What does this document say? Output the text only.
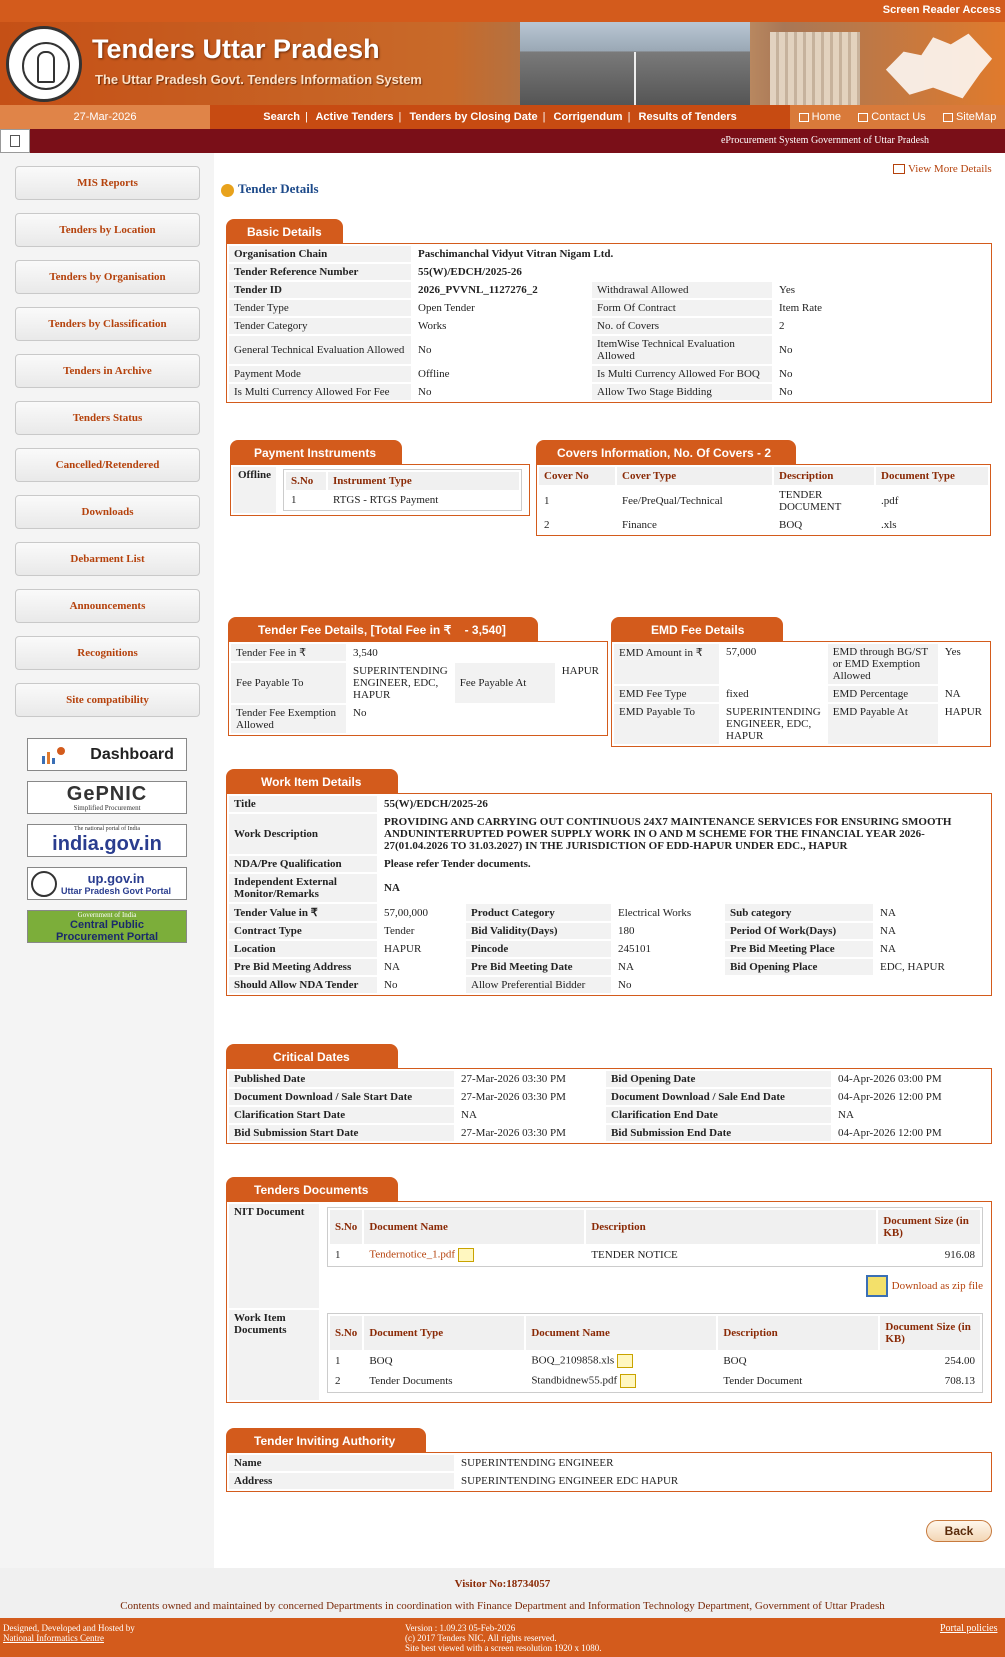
Screen Reader Access
Tenders Uttar Pradesh
The Uttar Pradesh Govt. Tenders Information System
27-Mar-2026	Search | Active Tenders | Tenders by Closing Date | Corrigendum | Results of Tenders	Home	Contact Us	SiteMap
eProcurement System Government of Uttar Pradesh
MIS Reports
Tenders by Location
Tenders by Organisation
Tenders by Classification
Tenders in Archive
Tenders Status
Cancelled/Retendered
Downloads
Debarment List
Announcements
Recognitions
Site compatibility
Dashboard
GePNIC
Simplified Procurement
The national portal of India
india.gov.in
up.gov.in
Uttar Pradesh Govt Portal
Government of India
Central Public
Procurement Portal
View More Details
Tender Details
Basic Details
Organisation Chain	Paschimanchal Vidyut Vitran Nigam Ltd.		
Tender Reference Number	55(W)/EDCH/2025-26		
Tender ID	2026_PVVNL_1127276_2	Withdrawal Allowed	Yes
Tender Type	Open Tender	Form Of Contract	Item Rate
Tender Category	Works	No. of Covers	2
General Technical Evaluation Allowed	No	ItemWise Technical Evaluation Allowed	No
Payment Mode	Offline	Is Multi Currency Allowed For BOQ	No
Is Multi Currency Allowed For Fee	No	Allow Two Stage Bidding	No
Payment Instruments
Offline	S.No	Instrument Type
1	RTGS - RTGS Payment
Covers Information, No. Of Covers - 2
Cover No	Cover Type	Description	Document Type
1	Fee/PreQual/Technical	TENDER DOCUMENT	.pdf
2	Finance	BOQ	.xls
Tender Fee Details, [Total Fee in ₹    - 3,540]
Tender Fee in ₹	3,540		
Fee Payable To	SUPERINTENDING ENGINEER, EDC, HAPUR	Fee Payable At	HAPUR
Tender Fee Exemption Allowed	No		
EMD Fee Details
EMD Amount in ₹	57,000	EMD through BG/ST or EMD Exemption Allowed	Yes
EMD Fee Type	fixed	EMD Percentage	NA
EMD Payable To	SUPERINTENDING ENGINEER, EDC, HAPUR	EMD Payable At	HAPUR
Work Item Details
Title	55(W)/EDCH/2025-26				
Work Description	PROVIDING AND CARRYING OUT CONTINUOUS 24X7 MAINTENANCE SERVICES FOR ENSURING SMOOTH ANDUNINTERRUPTED POWER SUPPLY WORK IN O AND M SCHEME FOR THE FINANCIAL YEAR 2026-27(01.04.2026 TO 31.03.2027) IN THE JURISDICTION OF EDD-HAPUR UNDER EDC., HAPUR				
NDA/Pre Qualification	Please refer Tender documents.				
Independent External Monitor/Remarks	NA				
Tender Value in ₹	57,00,000	Product Category	Electrical Works	Sub category	NA
Contract Type	Tender	Bid Validity(Days)	180	Period Of Work(Days)	NA
Location	HAPUR	Pincode	245101	Pre Bid Meeting Place	NA
Pre Bid Meeting Address	NA	Pre Bid Meeting Date	NA	Bid Opening Place	EDC, HAPUR
Should Allow NDA Tender	No	Allow Preferential Bidder	No		
Critical Dates
Published Date	27-Mar-2026 03:30 PM	Bid Opening Date	04-Apr-2026 03:00 PM
Document Download / Sale Start Date	27-Mar-2026 03:30 PM	Document Download / Sale End Date	04-Apr-2026 12:00 PM
Clarification Start Date	NA	Clarification End Date	NA
Bid Submission Start Date	27-Mar-2026 03:30 PM	Bid Submission End Date	04-Apr-2026 12:00 PM
Tenders Documents
NIT Document	
S.No	Document Name	Description	Document Size (in KB)
1	Tendernotice_1.pdf	TENDER NOTICE	916.08
Download as zip file

Work Item Documents		S.No	Document Type	Document Name	Description	Document Size (in KB)
1	BOQ	BOQ_2109858.xls	BOQ	254.00
2	Tender Documents	Standbidnew55.pdf	Tender Document	708.13
Tender Inviting Authority
Name	SUPERINTENDING ENGINEER
Address	SUPERINTENDING ENGINEER EDC HAPUR
Back
Visitor No:18734057
Contents owned and maintained by concerned Departments in coordination with Finance Department and Information Technology Department, Government of Uttar Pradesh
Designed, Developed and Hosted by
National Informatics Centre
Version : 1.09.23 05-Feb-2026
(c) 2017 Tenders NIC, All rights reserved.
Site best viewed with a screen resolution 1920 x 1080.
Portal policies
